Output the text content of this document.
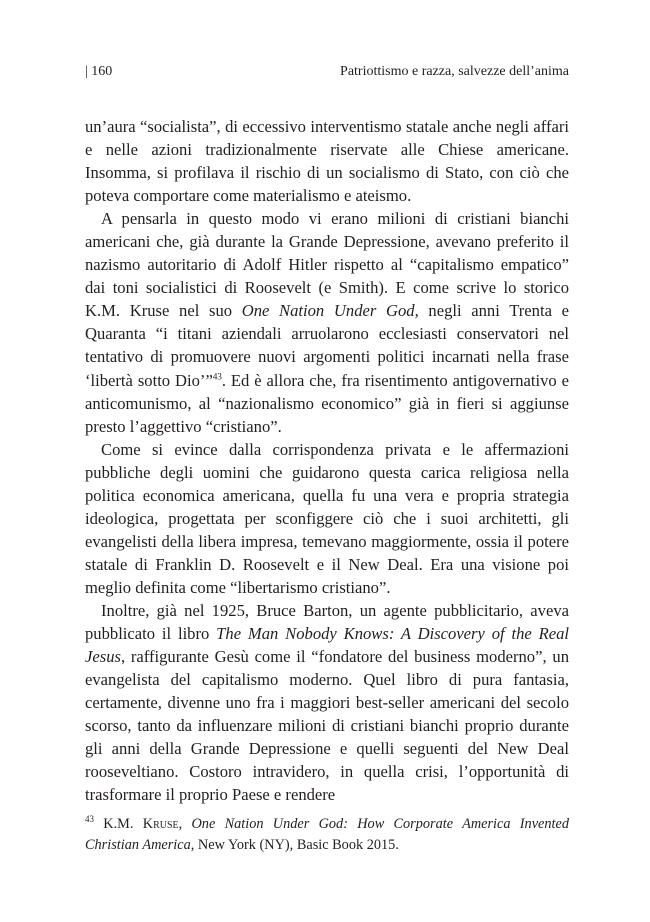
| 160	Patriottismo e razza, salvezze dell’anima

un’aura “socialista”, di eccessivo interventismo statale anche negli affari e nelle azioni tradizionalmente riservate alle Chiese americane. Insomma, si profilava il rischio di un socialismo di Stato, con ciò che poteva comportare come materialismo e ateismo.

A pensarla in questo modo vi erano milioni di cristiani bianchi americani che, già durante la Grande Depressione, avevano preferito il nazismo autoritario di Adolf Hitler rispetto al “capitalismo empatico” dai toni socialistici di Roosevelt (e Smith). E come scrive lo storico K.M. Kruse nel suo One Nation Under God, negli anni Trenta e Quaranta “i titani aziendali arruolarono ecclesiasti conservatori nel tentativo di promuovere nuovi argomenti politici incarnati nella frase ‘libertà sotto Dio’”$^{43}$. Ed è allora che, fra risentimento antigovernativo e anticomunismo, al “nazionalismo economico” già in fieri si aggiunse presto l’aggettivo “cristiano”.

Come si evince dalla corrispondenza privata e le affermazioni pubbliche degli uomini che guidarono questa carica religiosa nella politica economica americana, quella fu una vera e propria strategia ideologica, progettata per sconfiggere ciò che i suoi architetti, gli evangelisti della libera impresa, temevano maggiormente, ossia il potere statale di Franklin D. Roosevelt e il New Deal. Era una visione poi meglio definita come “libertarismo cristiano”.

Inoltre, già nel 1925, Bruce Barton, un agente pubblicitario, aveva pubblicato il libro The Man Nobody Knows: A Discovery of the Real Jesus, raffigurante Gesù come il “fondatore del business moderno”, un evangelista del capitalismo moderno. Quel libro di pura fantasia, certamente, divenne uno fra i maggiori best-seller americani del secolo scorso, tanto da influenzare milioni di cristiani bianchi proprio durante gli anni della Grande Depressione e quelli seguenti del New Deal rooseveltiano. Costoro intravidero, in quella crisi, l’opportunità di trasformare il proprio Paese e rendere

$^{43}$ K.M. Kruse, One Nation Under God: How Corporate America Invented Christian America, New York (NY), Basic Book 2015.
